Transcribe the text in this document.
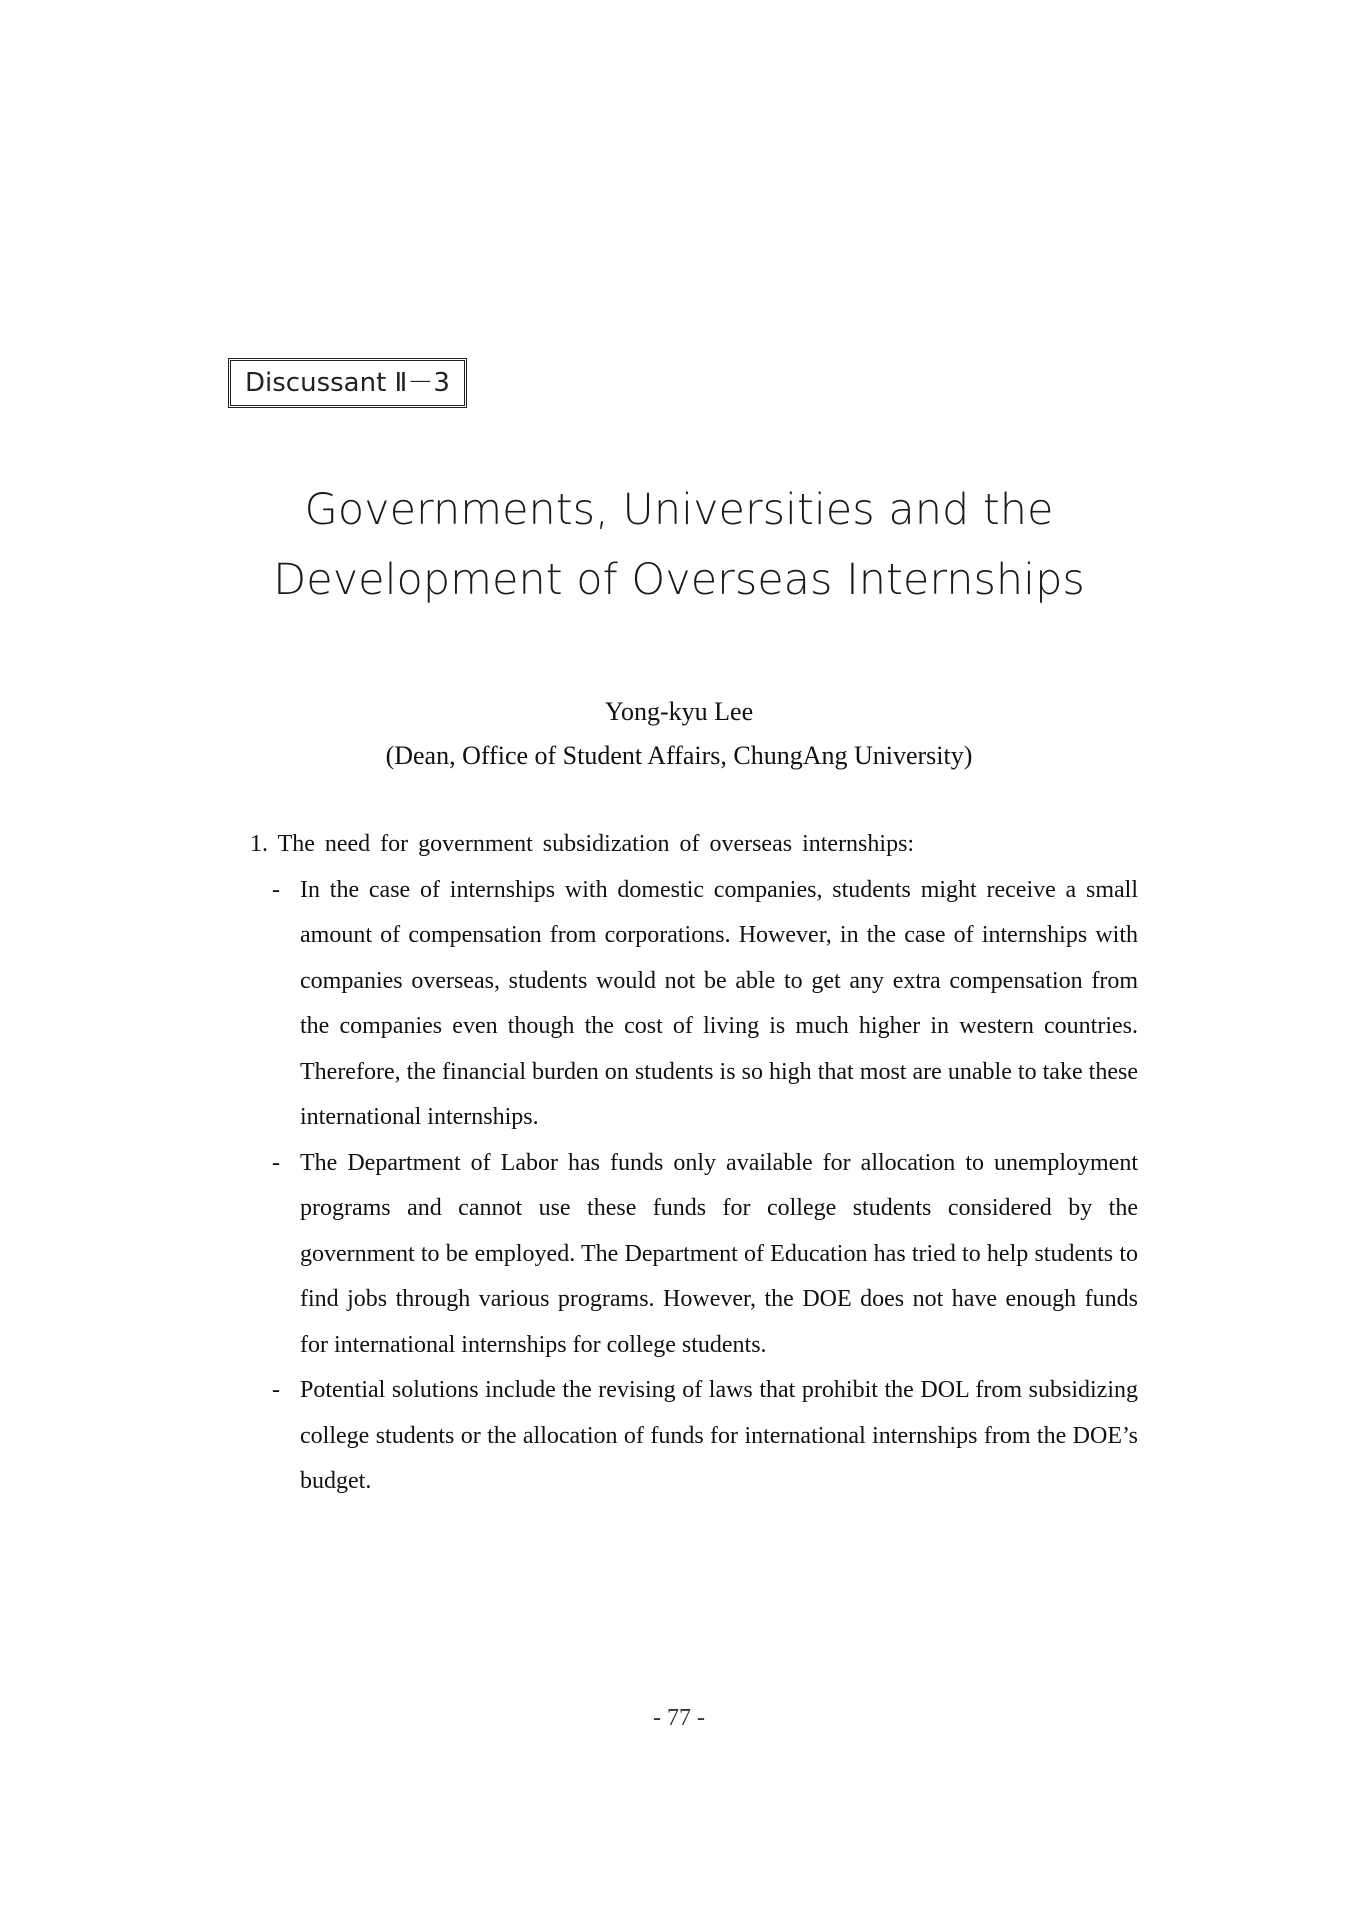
Discussant Ⅱ－3
Governments, Universities and the
Development of Overseas Internships
Yong-kyu Lee
(Dean, Office of Student Affairs, ChungAng University)
1. The need for government subsidization of overseas internships:
- In the case of internships with domestic companies, students might receive a small amount of compensation from corporations. However, in the case of internships with companies overseas, students would not be able to get any extra compensation from the companies even though the cost of living is much higher in western countries. Therefore, the financial burden on students is so high that most are unable to take these international internships.
- The Department of Labor has funds only available for allocation to unemployment programs and cannot use these funds for college students considered by the government to be employed. The Department of Education has tried to help students to find jobs through various programs. However, the DOE does not have enough funds for international internships for college students.
- Potential solutions include the revising of laws that prohibit the DOL from subsidizing college students or the allocation of funds for international internships from the DOE’s budget.
- 77 -
